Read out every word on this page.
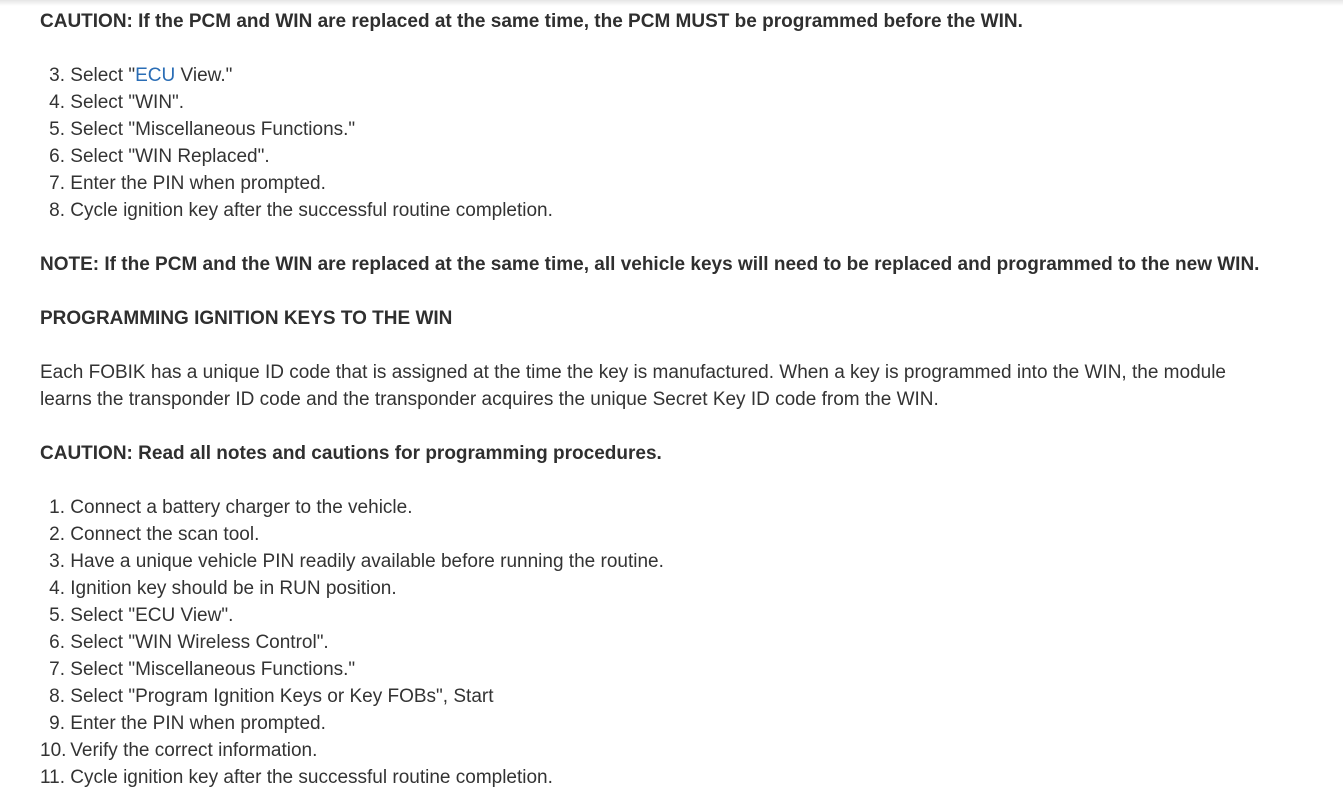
CAUTION: If the PCM and WIN are replaced at the same time, the PCM MUST be programmed before the WIN.

3. Select "ECU View."
4. Select "WIN".
5. Select "Miscellaneous Functions."
6. Select "WIN Replaced".
7. Enter the PIN when prompted.
8. Cycle ignition key after the successful routine completion.

NOTE: If the PCM and the WIN are replaced at the same time, all vehicle keys will need to be replaced and programmed to the new WIN.

PROGRAMMING IGNITION KEYS TO THE WIN

Each FOBIK has a unique ID code that is assigned at the time the key is manufactured. When a key is programmed into the WIN, the module learns the transponder ID code and the transponder acquires the unique Secret Key ID code from the WIN.

CAUTION: Read all notes and cautions for programming procedures.

1. Connect a battery charger to the vehicle.
2. Connect the scan tool.
3. Have a unique vehicle PIN readily available before running the routine.
4. Ignition key should be in RUN position.
5. Select "ECU View".
6. Select "WIN Wireless Control".
7. Select "Miscellaneous Functions."
8. Select "Program Ignition Keys or Key FOBs", Start
9. Enter the PIN when prompted.
10. Verify the correct information.
11. Cycle ignition key after the successful routine completion.
